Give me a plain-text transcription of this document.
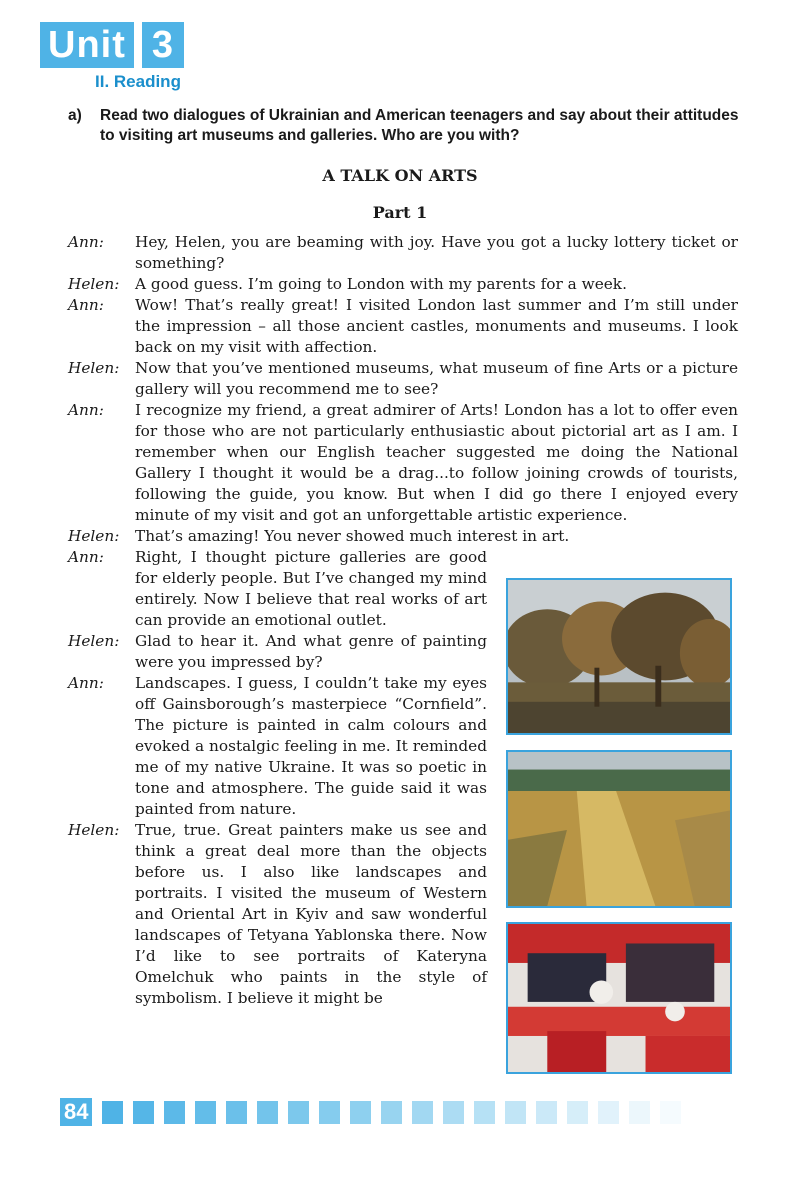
Unit 3
II. Reading
a) Read two dialogues of Ukrainian and American teenagers and say about their attitudes to visiting art museums and galleries. Who are you with?
A TALK ON ARTS
Part 1
Ann:	Hey, Helen, you are beaming with joy. Have you got a lucky lottery ticket or something?
Helen:	A good guess. I’m going to London with my parents for a week.
Ann:	Wow! That’s really great! I visited London last summer and I’m still under the impression – all those ancient castles, monuments and museums. I look back on my visit with affection.
Helen:	Now that you’ve mentioned museums, what museum of fine Arts or a picture gallery will you recommend me to see?
Ann:	I recognize my friend, a great admirer of Arts! London has a lot to offer even for those who are not particularly enthusiastic about pictorial art as I am. I remember when our English teacher suggested me doing the National Gallery I thought it would be a drag...to follow joining crowds of tourists, following the guide, you know. But when I did go there I enjoyed every minute of my visit and got an unforgettable artistic experience.
Helen:	That’s amazing! You never showed much interest in art.
Ann:	Right, I thought picture galleries are good for elderly people. But I’ve changed my mind entirely. Now I believe that real works of art can provide an emotional outlet.
Helen:	Glad to hear it. And what genre of painting were you impressed by?
Ann:	Landscapes. I guess, I couldn’t take my eyes off Gainsborough’s masterpiece “Cornfield”. The picture is painted in calm colours and evoked a nostalgic feeling in me. It reminded me of my native Ukraine. It was so poetic in tone and atmosphere. The guide said it was painted from nature.
Helen:	True, true. Great painters make us see and think a great deal more than the objects before us. I also like landscapes and portraits. I visited the museum of Western and Oriental Art in Kyiv and saw wonderful landscapes of Tetyana Yablonska there. Now I’d like to see portraits of Kateryna Omelchuk who paints in the style of symbolism. I believe it might be
84
